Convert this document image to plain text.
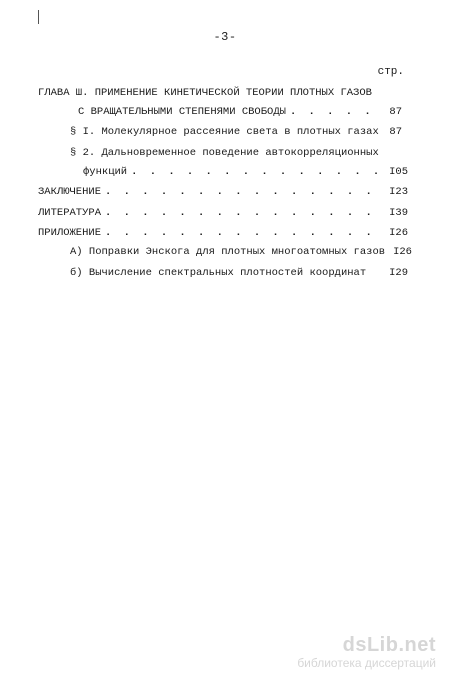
-3-
стр.
ГЛАВА Ш. ПРИМЕНЕНИЕ КИНЕТИЧЕСКОЙ ТЕОРИИ ПЛОТНЫХ ГАЗОВ
С ВРАЩАТЕЛЬНЫМИ СТЕПЕНЯМИ СВОБОДЫ . . .	87
§ I. Молекулярное рассеяние света в плотных газах 87
§ 2. Дальновременное поведение автокорреляционных
функций . . .	I05
ЗАКЛЮЧЕНИЕ . . .	I23
ЛИТЕРАТУРА . . .	I39
ПРИЛОЖЕНИЕ . . .	I26
А) Поправки Энскога для плотных многоатомных газов I26
б) Вычисление спектральных плотностей координат I29
dsLib.net
библиотека диссертаций
